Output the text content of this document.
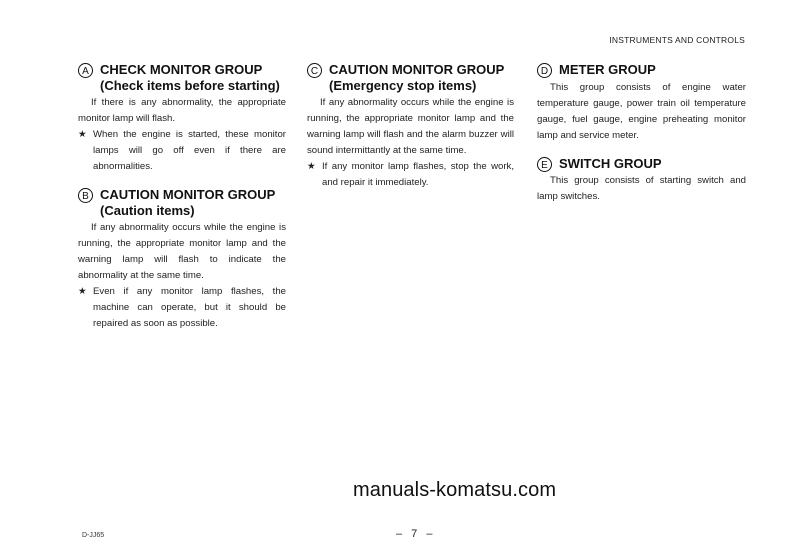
INSTRUMENTS AND CONTROLS
A CHECK MONITOR GROUP
(Check items before starting)
If there is any abnormality, the appropriate monitor lamp will flash.
★ When the engine is started, these monitor lamps will go off even if there are abnormalities.
B CAUTION MONITOR GROUP
(Caution items)
If any abnormality occurs while the engine is running, the appropriate monitor lamp and the warning lamp will flash to indicate the abnormality at the same time.
★ Even if any monitor lamp flashes, the machine can operate, but it should be repaired as soon as possible.
C CAUTION MONITOR GROUP
(Emergency stop items)
If any abnormality occurs while the engine is running, the appropriate monitor lamp and the warning lamp will flash and the alarm buzzer will sound intermittantly at the same time.
★ If any monitor lamp flashes, stop the work, and repair it immediately.
D METER GROUP
This group consists of engine water temperature gauge, power train oil temperature gauge, fuel gauge, engine preheating monitor lamp and service meter.
E SWITCH GROUP
This group consists of starting switch and lamp switches.
manuals-komatsu.com
D-JJ65	– 7 –
